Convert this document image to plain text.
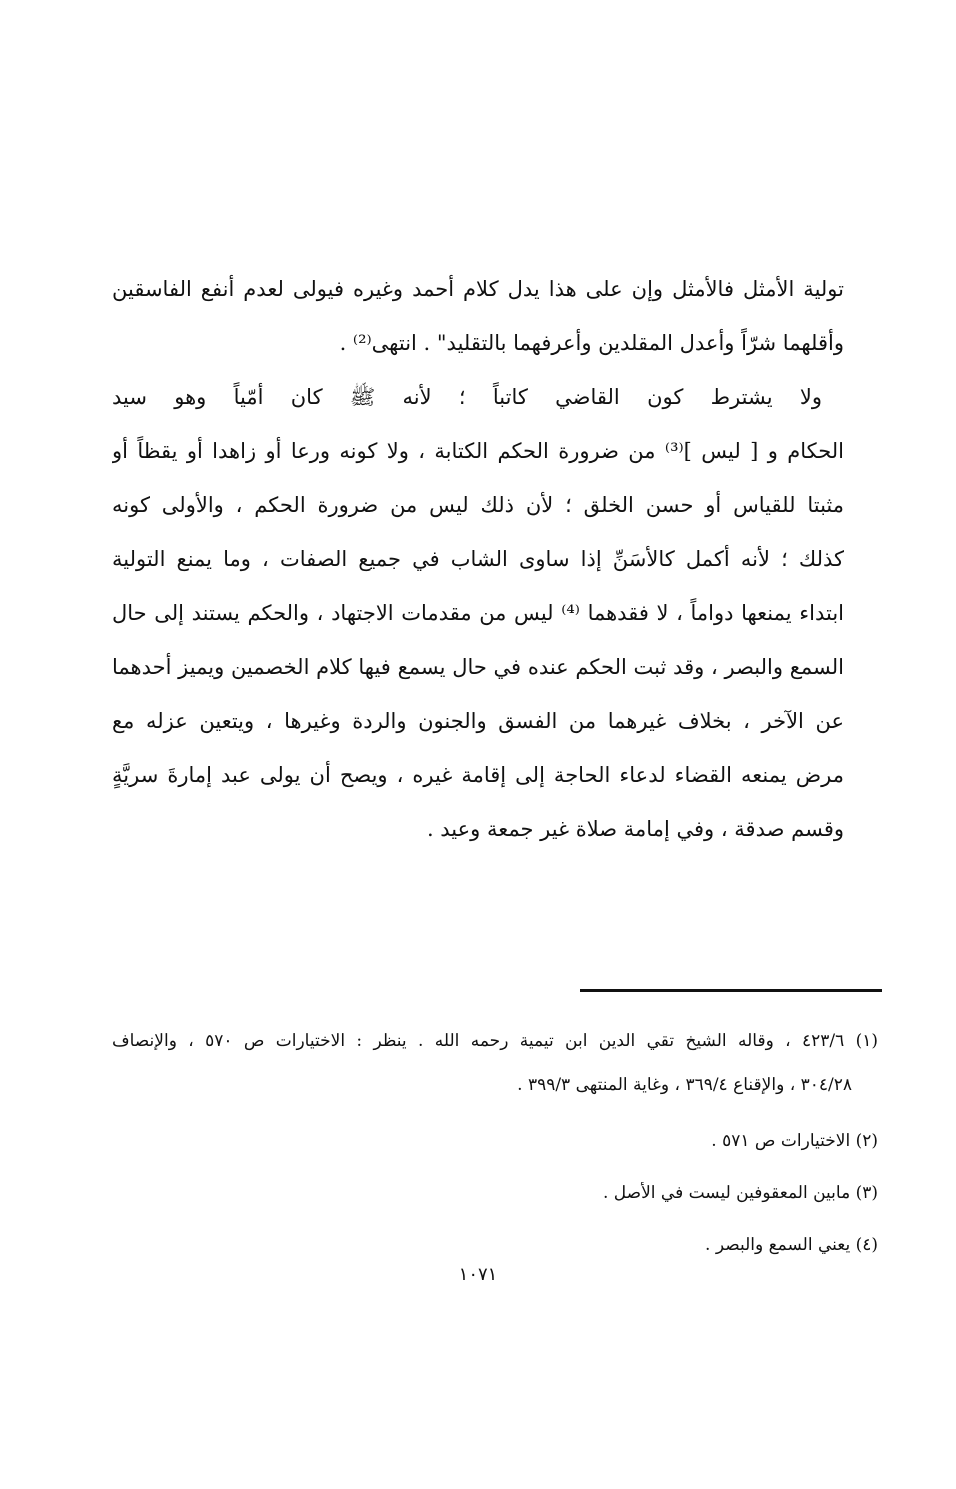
تولية الأمثل فالأمثل وإن على هذا يدل كلام أحمد وغيره فيولى لعدم أنفع الفاسقين
وأقلهما شرّاً وأعدل المقلدين وأعرفهما بالتقليد" . انتهى⁽²⁾ .
ولا يشترط كون القاضي كاتباً ؛ لأنه ﷺ كان أمّياً وهو سيد
الحكام و [ ليس ]⁽³⁾ من ضرورة الحكم الكتابة ، ولا كونه ورعا أو زاهدا أو يقظاً أو
مثبتا للقياس أو حسن الخلق ؛ لأن ذلك ليس من ضرورة الحكم ، والأولى كونه
كذلك ؛ لأنه أكمل كالأسَنِّ إذا ساوى الشاب في جميع الصفات ، وما يمنع التولية
ابتداء يمنعها دواماً ، لا فقدهما ⁽⁴⁾ ليس من مقدمات الاجتهاد ، والحكم يستند إلى حال
السمع والبصر ، وقد ثبت الحكم عنده في حال يسمع فيها كلام الخصمين ويميز أحدهما
عن الآخر ، بخلاف غيرهما من الفسق والجنون والردة وغيرها ، ويتعين عزله مع
مرض يمنعه القضاء لدعاء الحاجة إلى إقامة غيره ، ويصح أن يولى عبد إمارةَ سريَّةٍ
وقسم صدقة ، وفي إمامة صلاة غير جمعة وعيد .
(١) ٤٢٣/٦ ، وقاله الشيخ تقي الدين ابن تيمية رحمه الله . ينظر : الاختيارات ص ٥٧٠ ، والإنصاف
٣٠٤/٢٨ ، والإقناع ٣٦٩/٤ ، وغاية المنتهى ٣٩٩/٣ .
(٢) الاختيارات ص ٥٧١ .
(٣) مابين المعقوفين ليست في الأصل .
(٤) يعني السمع والبصر .
١٠٧١
